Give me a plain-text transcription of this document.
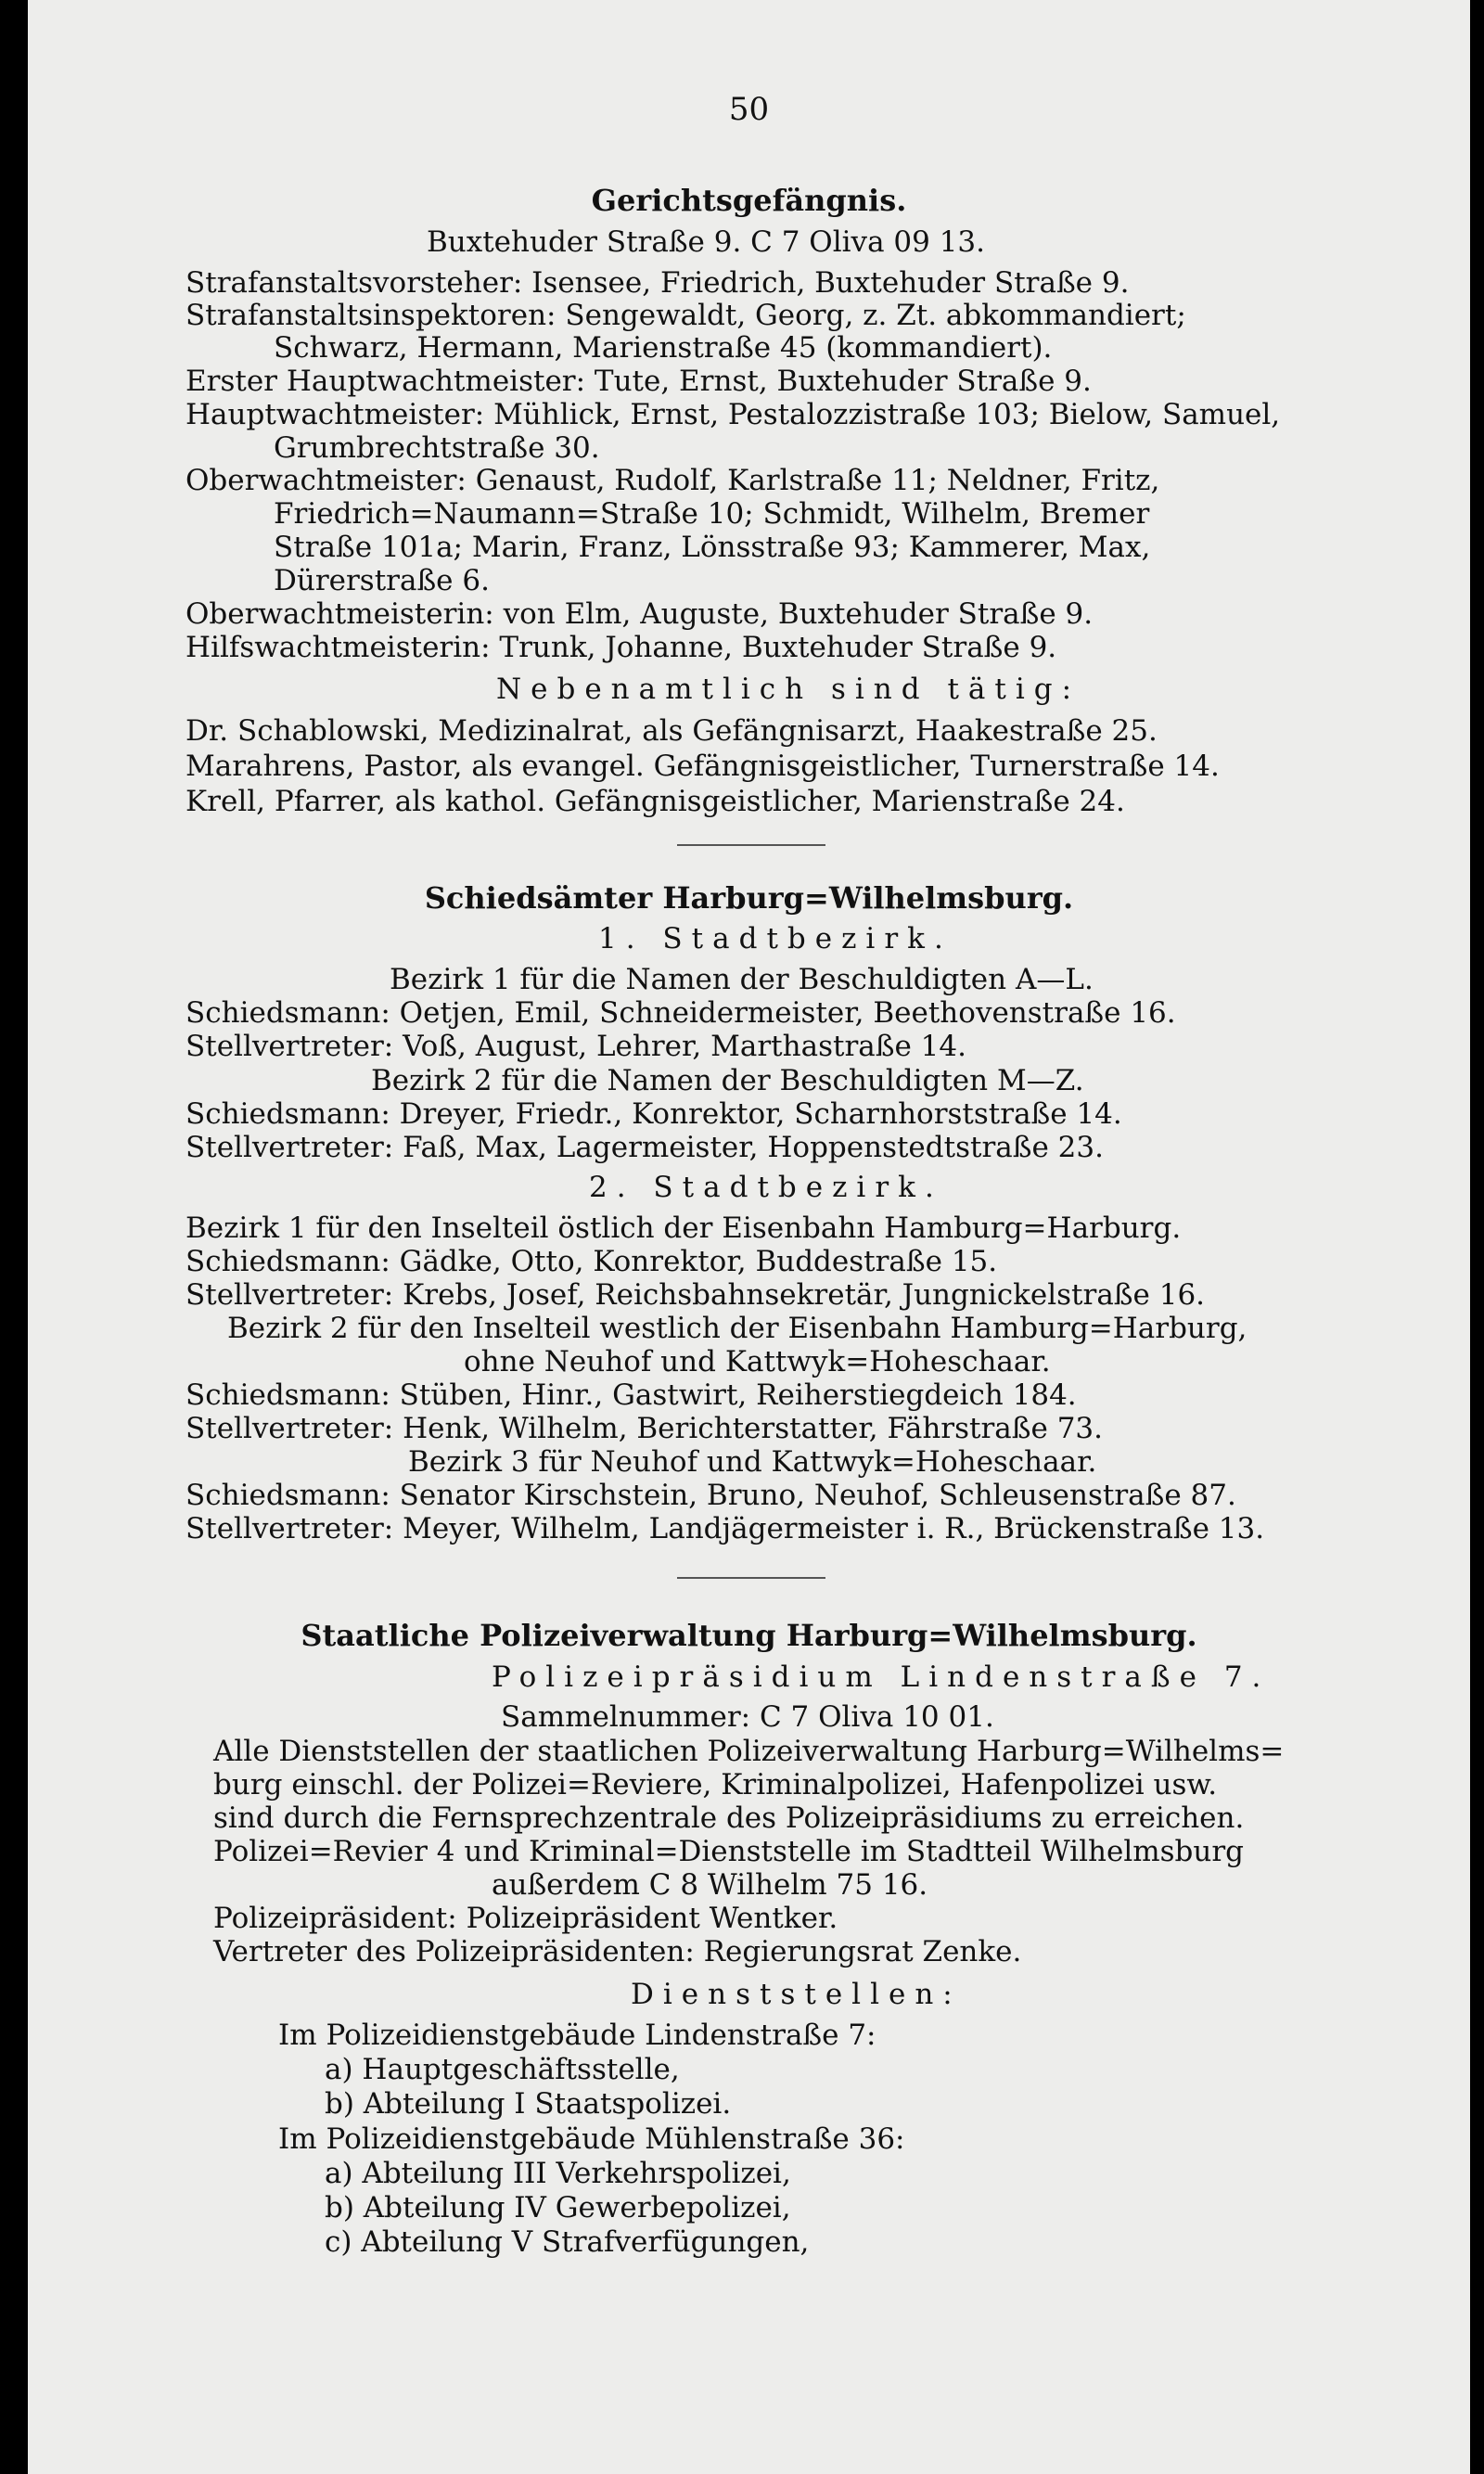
50
Gerichtsgefängnis.
Buxtehuder Straße 9. C 7 Oliva 09 13.
Strafanstaltsvorsteher: Isensee, Friedrich, Buxtehuder Straße 9.
Strafanstaltsinspektoren: Sengewaldt, Georg, z. Zt. abkommandiert;
Schwarz, Hermann, Marienstraße 45 (kommandiert).
Erster Hauptwachtmeister: Tute, Ernst, Buxtehuder Straße 9.
Hauptwachtmeister: Mühlick, Ernst, Pestalozzistraße 103; Bielow, Samuel,
Grumbrechtstraße 30.
Oberwachtmeister: Genaust, Rudolf, Karlstraße 11; Neldner, Fritz,
Friedrich=Naumann=Straße 10; Schmidt, Wilhelm, Bremer
Straße 101a; Marin, Franz, Lönsstraße 93; Kammerer, Max,
Dürerstraße 6.
Oberwachtmeisterin: von Elm, Auguste, Buxtehuder Straße 9.
Hilfswachtmeisterin: Trunk, Johanne, Buxtehuder Straße 9.
Nebenamtlich sind tätig:
Dr. Schablowski, Medizinalrat, als Gefängnisarzt, Haakestraße 25.
Marahrens, Pastor, als evangel. Gefängnisgeistlicher, Turnerstraße 14.
Krell, Pfarrer, als kathol. Gefängnisgeistlicher, Marienstraße 24.
Schiedsämter Harburg=Wilhelmsburg.
1. Stadtbezirk.
Bezirk 1 für die Namen der Beschuldigten A—L.
Schiedsmann: Oetjen, Emil, Schneidermeister, Beethovenstraße 16.
Stellvertreter: Voß, August, Lehrer, Marthastraße 14.
Bezirk 2 für die Namen der Beschuldigten M—Z.
Schiedsmann: Dreyer, Friedr., Konrektor, Scharnhorststraße 14.
Stellvertreter: Faß, Max, Lagermeister, Hoppenstedtstraße 23.
2. Stadtbezirk.
Bezirk 1 für den Inselteil östlich der Eisenbahn Hamburg=Harburg.
Schiedsmann: Gädke, Otto, Konrektor, Buddestraße 15.
Stellvertreter: Krebs, Josef, Reichsbahnsekretär, Jungnickelstraße 16.
Bezirk 2 für den Inselteil westlich der Eisenbahn Hamburg=Harburg,
ohne Neuhof und Kattwyk=Hoheschaar.
Schiedsmann: Stüben, Hinr., Gastwirt, Reiherstiegdeich 184.
Stellvertreter: Henk, Wilhelm, Berichterstatter, Fährstraße 73.
Bezirk 3 für Neuhof und Kattwyk=Hoheschaar.
Schiedsmann: Senator Kirschstein, Bruno, Neuhof, Schleusenstraße 87.
Stellvertreter: Meyer, Wilhelm, Landjägermeister i. R., Brückenstraße 13.
Staatliche Polizeiverwaltung Harburg=Wilhelmsburg.
Polizeipräsidium Lindenstraße 7.
Sammelnummer: C 7 Oliva 10 01.
Alle Dienststellen der staatlichen Polizeiverwaltung Harburg=Wilhelms=
burg einschl. der Polizei=Reviere, Kriminalpolizei, Hafenpolizei usw.
sind durch die Fernsprechzentrale des Polizeipräsidiums zu erreichen.
Polizei=Revier 4 und Kriminal=Dienststelle im Stadtteil Wilhelmsburg
außerdem C 8 Wilhelm 75 16.
Polizeipräsident: Polizeipräsident Wentker.
Vertreter des Polizeipräsidenten: Regierungsrat Zenke.
Dienststellen:
Im Polizeidienstgebäude Lindenstraße 7:
a) Hauptgeschäftsstelle,
b) Abteilung I Staatspolizei.
Im Polizeidienstgebäude Mühlenstraße 36:
a) Abteilung III Verkehrspolizei,
b) Abteilung IV Gewerbepolizei,
c) Abteilung V Strafverfügungen,
